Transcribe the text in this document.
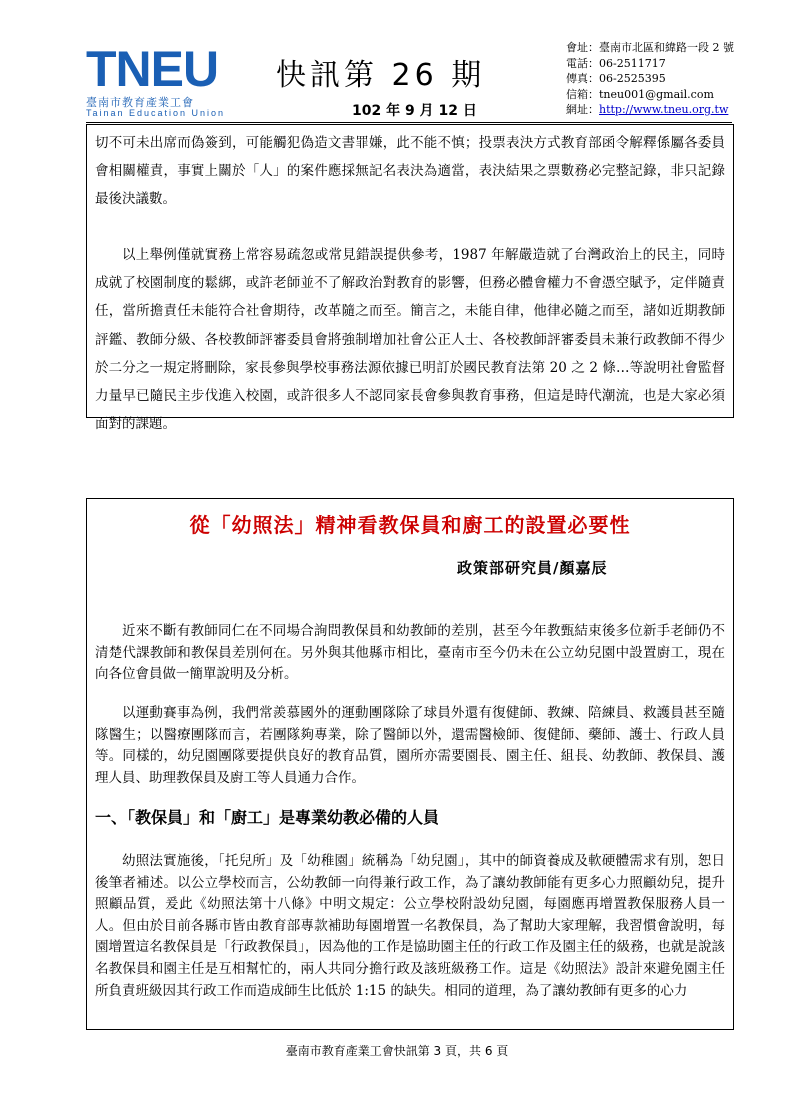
TNEU
臺南市教育產業工會
Tainan Education Union
快訊第 26 期
102 年 9 月 12 日
會址：臺南市北區和緯路一段 2 號
電話：06-2511717
傳真：06-2525395
信箱：tneu001@gmail.com
網址：http://www.tneu.org.tw
切不可未出席而偽簽到，可能觸犯偽造文書罪嫌，此不能不慎；投票表決方式教育部函令解釋係屬各委員會相關權責，事實上關於「人」的案件應採無記名表決為適當，表決結果之票數務必完整記錄，非只記錄最後決議數。
以上舉例僅就實務上常容易疏忽或常見錯誤提供參考，1987 年解嚴造就了台灣政治上的民主，同時成就了校園制度的鬆綁，或許老師並不了解政治對教育的影響，但務必體會權力不會憑空賦予，定伴隨責任，當所擔責任未能符合社會期待，改革隨之而至。簡言之，未能自律，他律必隨之而至，諸如近期教師評鑑、教師分級、各校教師評審委員會將強制增加社會公正人士、各校教師評審委員未兼行政教師不得少於二分之一規定將刪除，家長參與學校事務法源依據已明訂於國民教育法第 20 之 2 條…等說明社會監督力量早已隨民主步伐進入校園，或許很多人不認同家長會參與教育事務，但這是時代潮流，也是大家必須面對的課題。
從「幼照法」精神看教保員和廚工的設置必要性
政策部研究員/顏嘉辰
近來不斷有教師同仁在不同場合詢問教保員和幼教師的差別，甚至今年教甄結束後多位新手老師仍不清楚代課教師和教保員差別何在。另外與其他縣市相比，臺南市至今仍未在公立幼兒園中設置廚工，現在向各位會員做一簡單說明及分析。
以運動賽事為例，我們常羨慕國外的運動團隊除了球員外還有復健師、教練、陪練員、救護員甚至隨隊醫生；以醫療團隊而言，若團隊夠專業，除了醫師以外，還需醫檢師、復健師、藥師、護士、行政人員等。同樣的，幼兒園團隊要提供良好的教育品質，園所亦需要園長、園主任、組長、幼教師、教保員、護理人員、助理教保員及廚工等人員通力合作。
一、「教保員」和「廚工」是專業幼教必備的人員
幼照法實施後，「托兒所」及「幼稚園」統稱為「幼兒園」，其中的師資養成及軟硬體需求有別，恕日後筆者補述。以公立學校而言，公幼教師一向得兼行政工作，為了讓幼教師能有更多心力照顧幼兒，提升照顧品質，爰此《幼照法第十八條》中明文規定：公立學校附設幼兒園，每園應再增置教保服務人員一人。但由於目前各縣市皆由教育部專款補助每園增置一名教保員，為了幫助大家理解，我習慣會說明，每園增置這名教保員是「行政教保員」，因為他的工作是協助園主任的行政工作及園主任的級務，也就是說該名教保員和園主任是互相幫忙的，兩人共同分擔行政及該班級務工作。這是《幼照法》設計來避免園主任所負責班級因其行政工作而造成師生比低於 1:15 的缺失。相同的道理，為了讓幼教師有更多的心力
臺南市教育產業工會快訊第 3 頁，共 6 頁
